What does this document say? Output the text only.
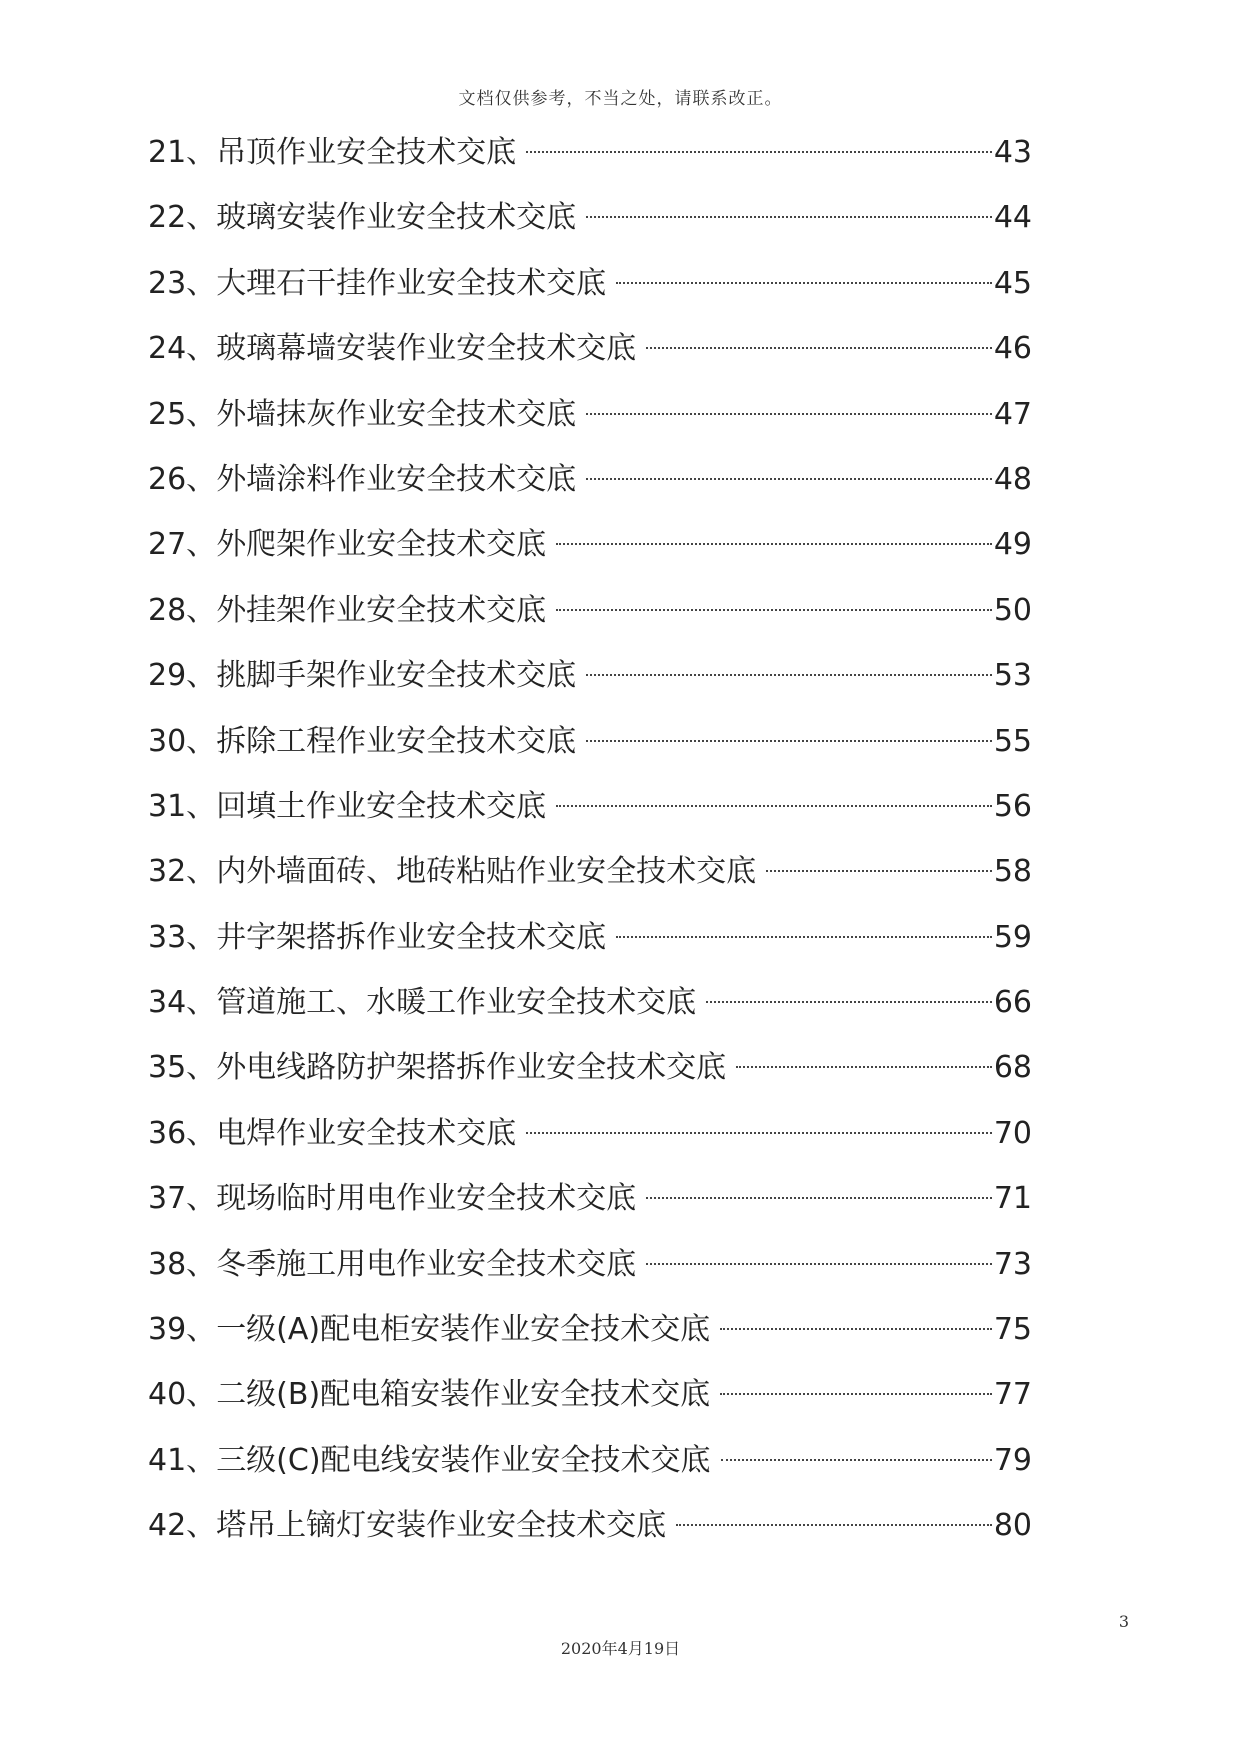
文档仅供参考，不当之处，请联系改正。
21、 吊顶作业安全技术交底	43
22、 玻璃安装作业安全技术交底	44
23、 大理石干挂作业安全技术交底	45
24、 玻璃幕墙安装作业安全技术交底	46
25、 外墙抹灰作业安全技术交底	47
26、 外墙涂料作业安全技术交底	48
27、 外爬架作业安全技术交底	49
28、 外挂架作业安全技术交底	50
29、 挑脚手架作业安全技术交底	53
30、 拆除工程作业安全技术交底	55
31、 回填土作业安全技术交底	56
32、 内外墙面砖、地砖粘贴作业安全技术交底	58
33、 井字架搭拆作业安全技术交底	59
34、 管道施工、水暖工作业安全技术交底	66
35、 外电线路防护架搭拆作业安全技术交底	68
36、 电焊作业安全技术交底	70
37、 现场临时用电作业安全技术交底	71
38、 冬季施工用电作业安全技术交底	73
39、 一级(A)配电柜安装作业安全技术交底	75
40、 二级(B)配电箱安装作业安全技术交底	77
41、 三级(C)配电线安装作业安全技术交底	79
42、 塔吊上镝灯安装作业安全技术交底	80
3
2020年4月19日
